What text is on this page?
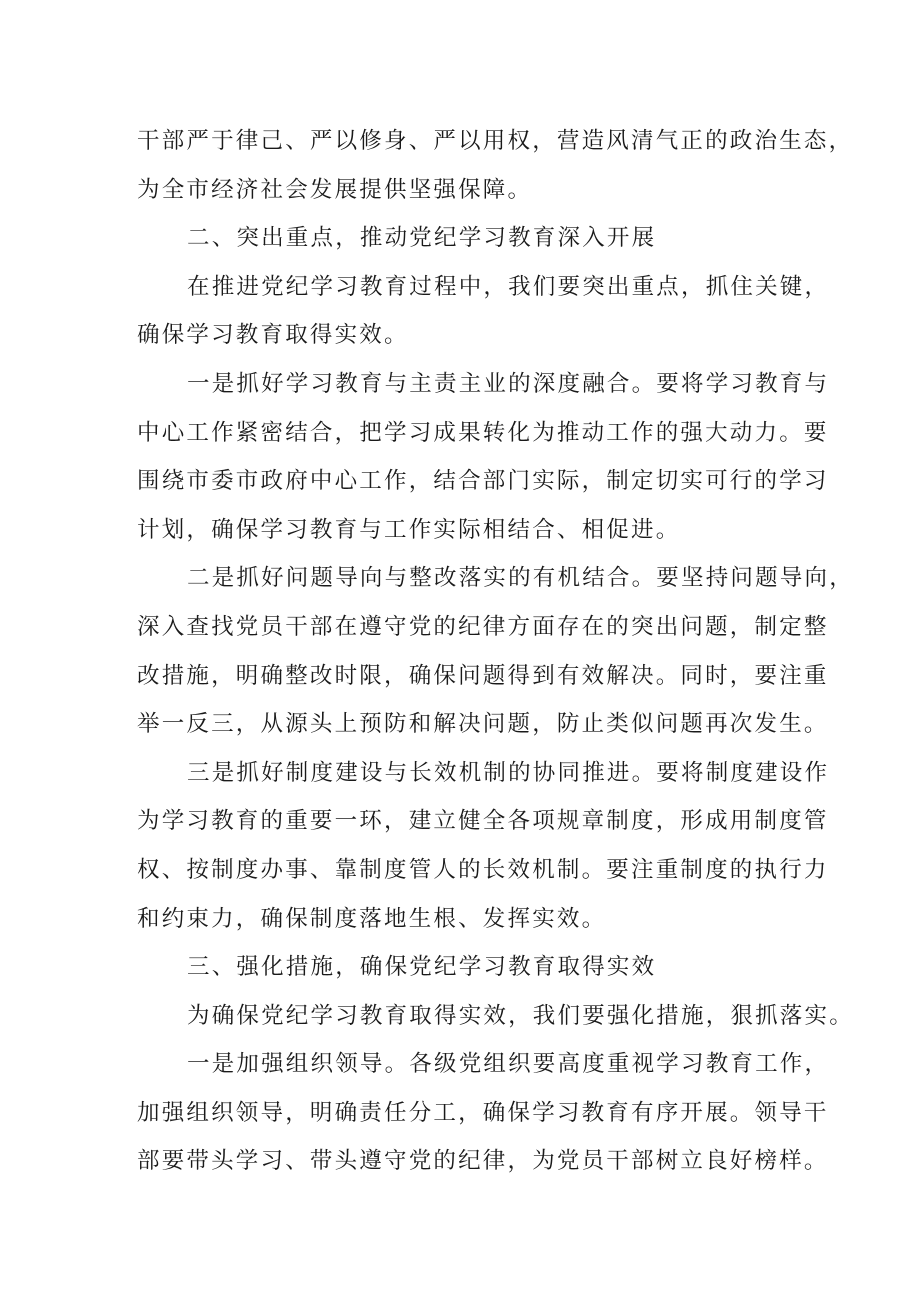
干部严于律己、严以修身、严以用权，营造风清气正的政治生态，
为全市经济社会发展提供坚强保障。
二、突出重点，推动党纪学习教育深入开展
在推进党纪学习教育过程中，我们要突出重点，抓住关键，
确保学习教育取得实效。
一是抓好学习教育与主责主业的深度融合。要将学习教育与
中心工作紧密结合，把学习成果转化为推动工作的强大动力。要
围绕市委市政府中心工作，结合部门实际，制定切实可行的学习
计划，确保学习教育与工作实际相结合、相促进。
二是抓好问题导向与整改落实的有机结合。要坚持问题导向，
深入查找党员干部在遵守党的纪律方面存在的突出问题，制定整
改措施，明确整改时限，确保问题得到有效解决。同时，要注重
举一反三，从源头上预防和解决问题，防止类似问题再次发生。
三是抓好制度建设与长效机制的协同推进。要将制度建设作
为学习教育的重要一环，建立健全各项规章制度，形成用制度管
权、按制度办事、靠制度管人的长效机制。要注重制度的执行力
和约束力，确保制度落地生根、发挥实效。
三、强化措施，确保党纪学习教育取得实效
为确保党纪学习教育取得实效，我们要强化措施，狠抓落实。
一是加强组织领导。各级党组织要高度重视学习教育工作，
加强组织领导，明确责任分工，确保学习教育有序开展。领导干
部要带头学习、带头遵守党的纪律，为党员干部树立良好榜样。
